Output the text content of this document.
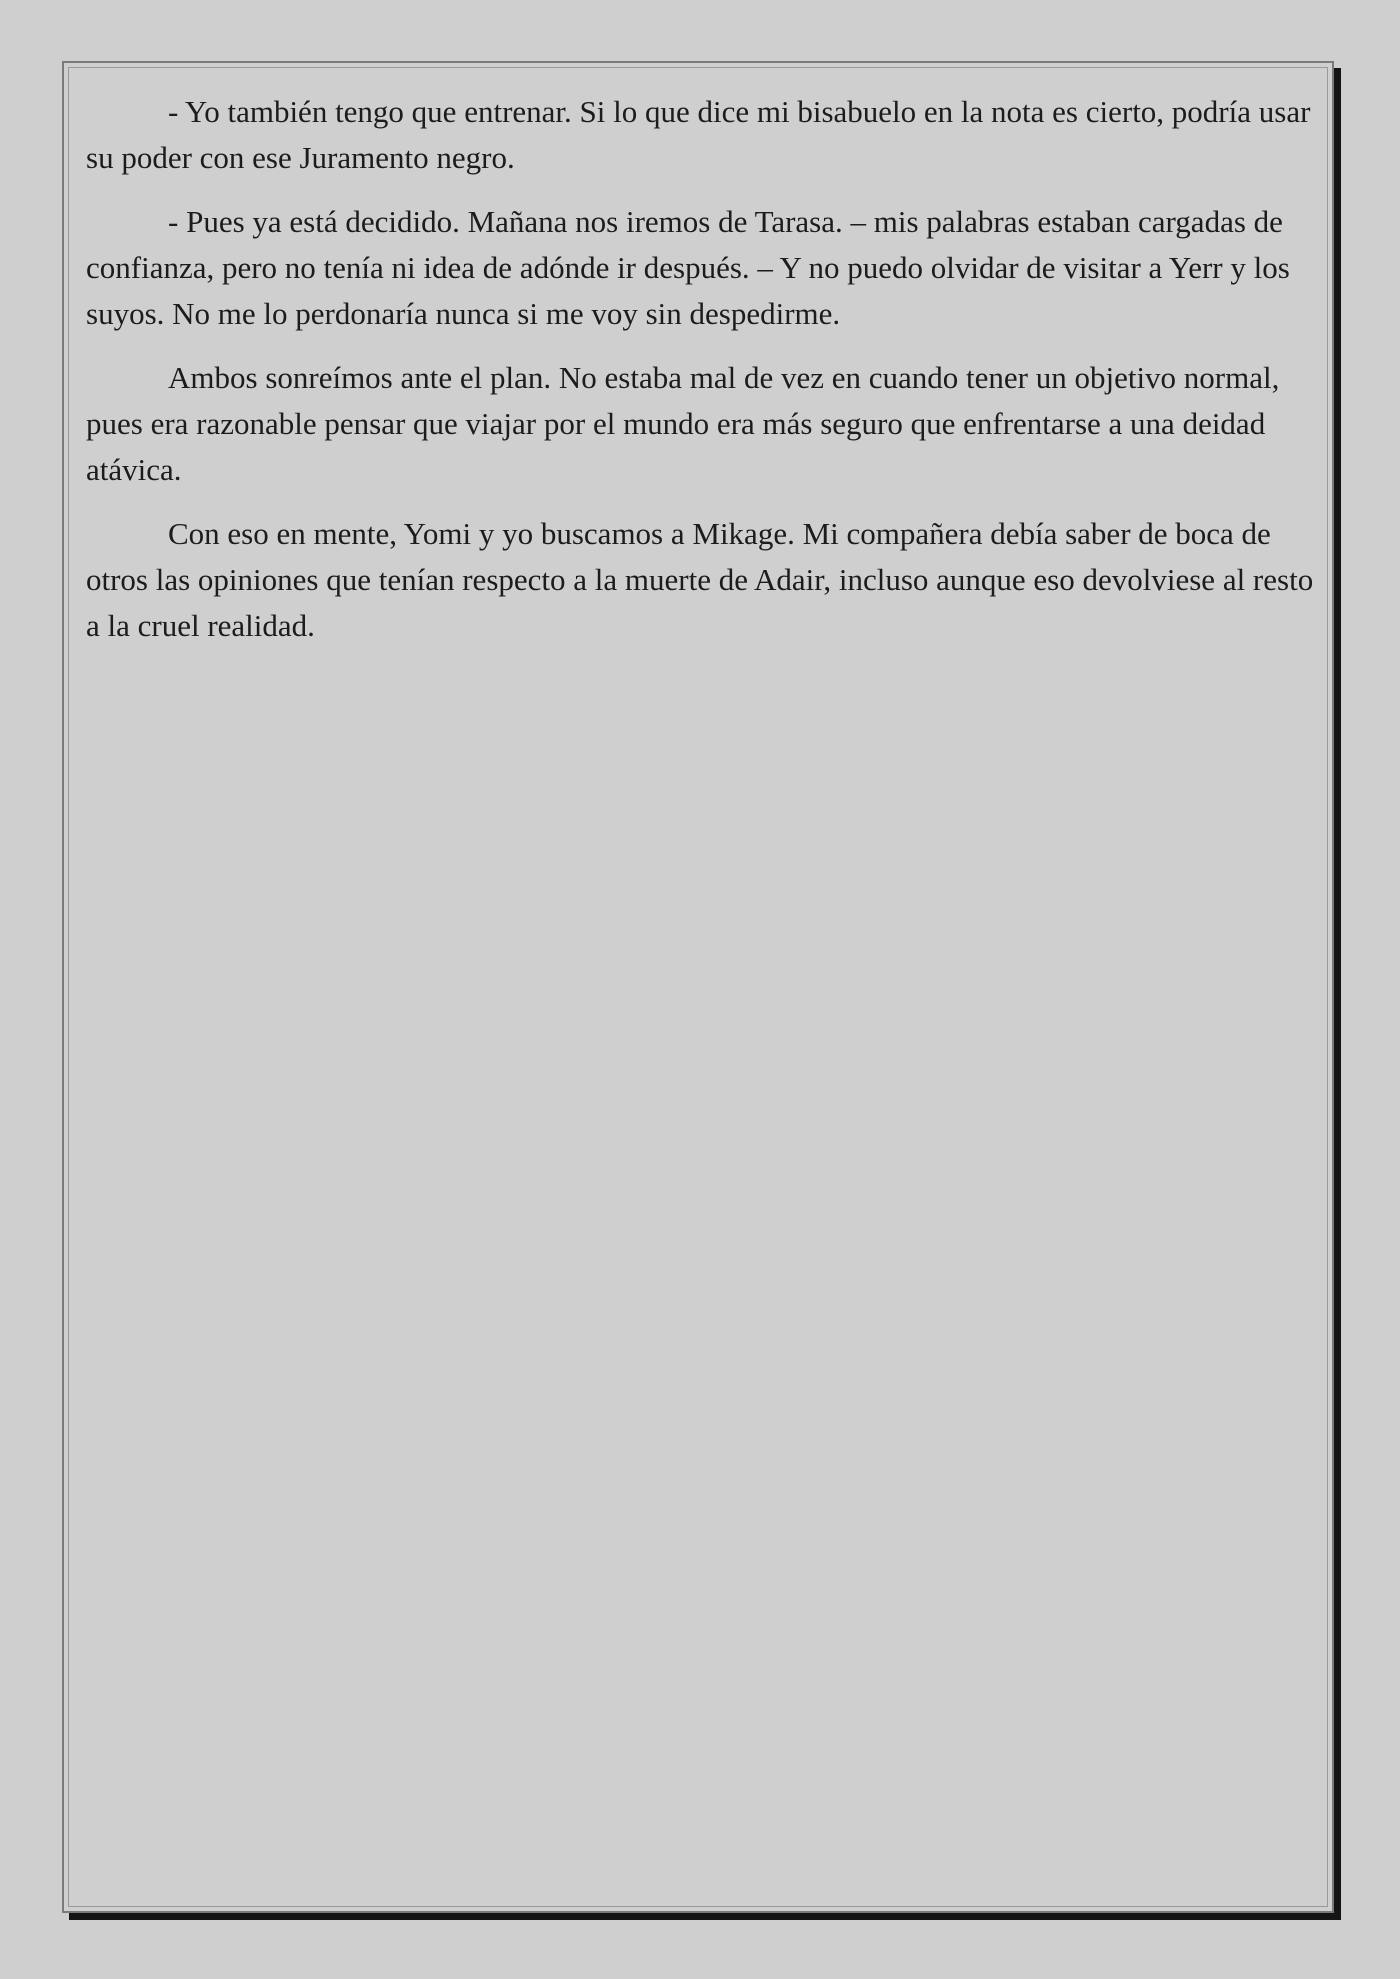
- Yo también tengo que entrenar. Si lo que dice mi bisabuelo en la nota es cierto, podría usar su poder con ese Juramento negro.

- Pues ya está decidido. Mañana nos iremos de Tarasa. – mis palabras estaban cargadas de confianza, pero no tenía ni idea de adónde ir después. – Y no puedo olvidar de visitar a Yerr y los suyos. No me lo perdonaría nunca si me voy sin despedirme.

Ambos sonreímos ante el plan. No estaba mal de vez en cuando tener un objetivo normal, pues era razonable pensar que viajar por el mundo era más seguro que enfrentarse a una deidad atávica.

Con eso en mente, Yomi y yo buscamos a Mikage. Mi compañera debía saber de boca de otros las opiniones que tenían respecto a la muerte de Adair, incluso aunque eso devolviese al resto a la cruel realidad.
